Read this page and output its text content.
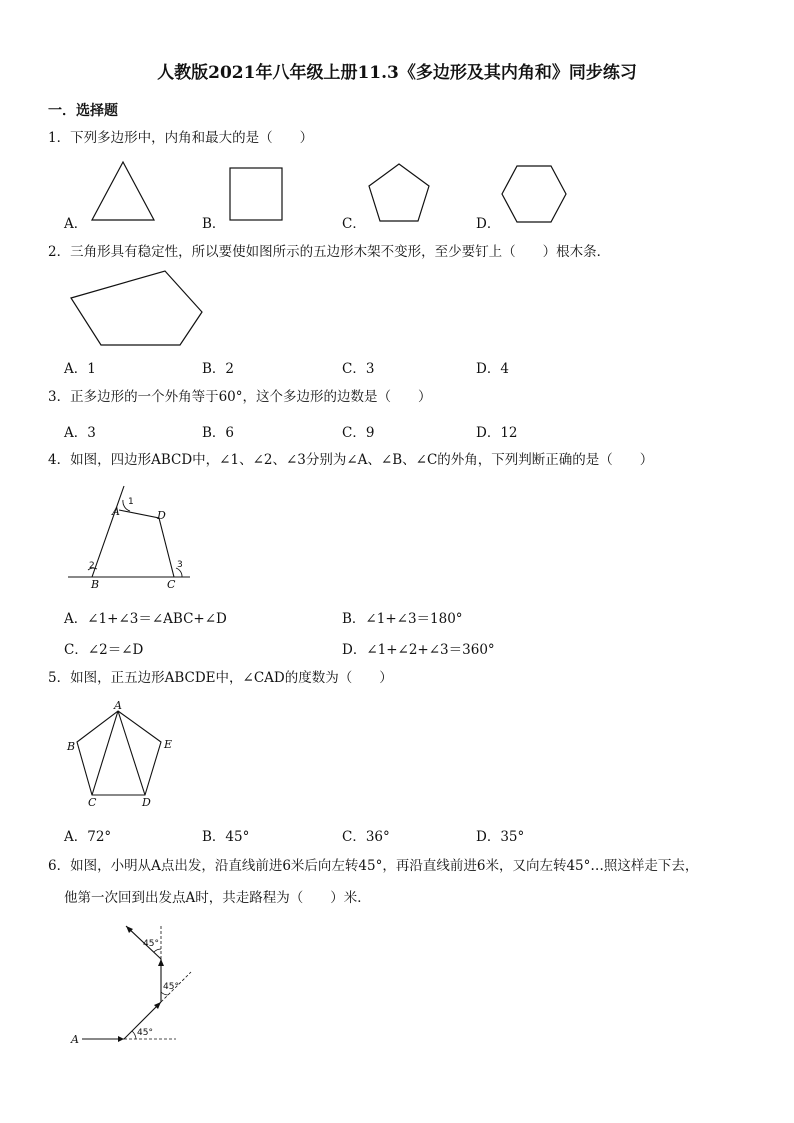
人教版2021年八年级上册11.3《多边形及其内角和》同步练习
一．选择题
1．下列多边形中，内角和最大的是（　　）
A．	B．	C．	D．
2．三角形具有稳定性，所以要使如图所示的五边形木架不变形，至少要钉上（　　）根木条．
A．1	B．2	C．3	D．4
3．正多边形的一个外角等于60°，这个多边形的边数是（　　）
A．3	B．6	C．9	D．12
4．如图，四边形ABCD中，∠1、∠2、∠3分别为∠A、∠B、∠C的外角，下列判断正确的是（　　）
A	D
B	C
1
2	3
A．∠1+∠3＝∠ABC+∠D	B．∠1+∠3＝180°
C．∠2＝∠D	D．∠1+∠2+∠3＝360°
5．如图，正五边形ABCDE中，∠CAD的度数为（　　）
A
B	E
C	D
A．72°	B．45°	C．36°	D．35°
6．如图，小明从A点出发，沿直线前进6米后向左转45°，再沿直线前进6米，又向左转45°…照这样走下去，
他第一次回到出发点A时，共走路程为（　　）米．
A	45°
45°
45°
